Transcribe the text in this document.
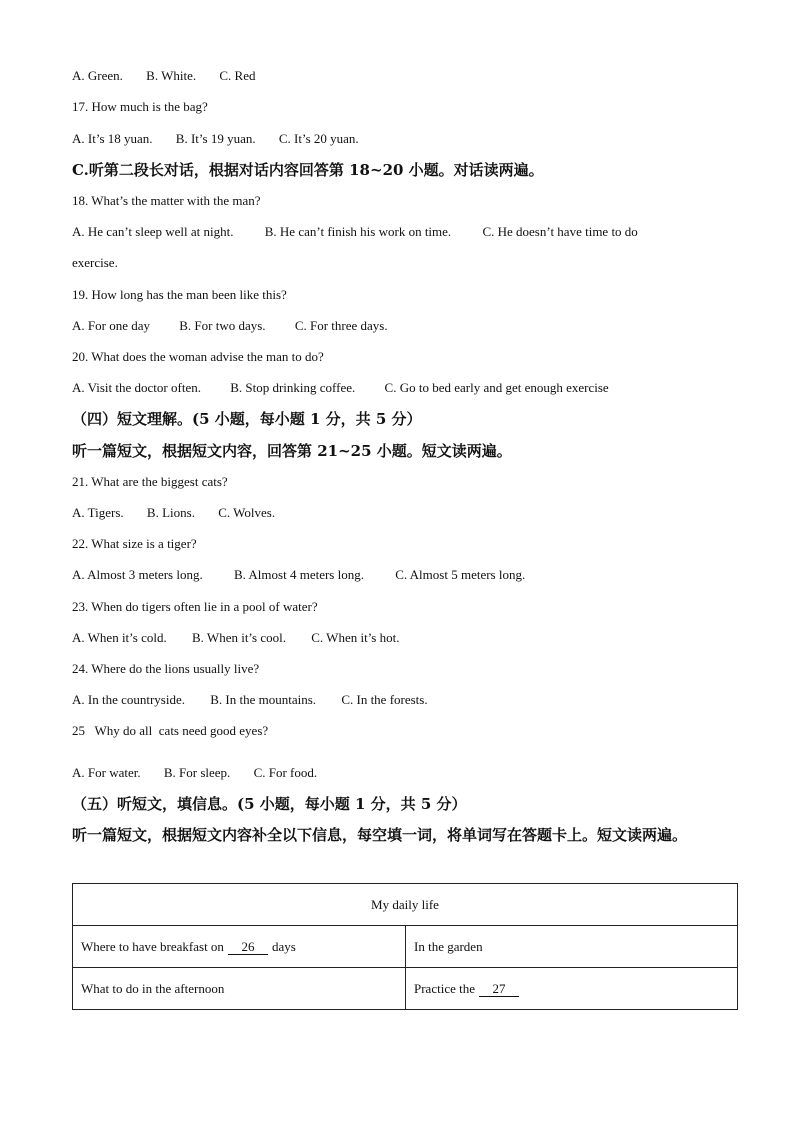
A. Green. B. White. C. Red
17. How much is the bag?
A. It’s 18 yuan. B. It’s 19 yuan. C. It’s 20 yuan.
C.听第二段长对话，根据对话内容回答第 18~20 小题。对话读两遍。
18. What’s the matter with the man?
A. He can’t sleep well at night. B. He can’t finish his work on time. C. He doesn’t have time to do
exercise.
19. How long has the man been like this?
A. For one day B. For two days. C. For three days.
20. What does the woman advise the man to do?
A. Visit the doctor often. B. Stop drinking coffee. C. Go to bed early and get enough exercise
（四）短文理解。(5 小题，每小题 1 分，共 5 分）
听一篇短文，根据短文内容，回答第 21~25 小题。短文读两遍。
21. What are the biggest cats?
A. Tigers. B. Lions. C. Wolves.
22. What size is a tiger?
A. Almost 3 meters long. B. Almost 4 meters long. C. Almost 5 meters long.
23. When do tigers often lie in a pool of water?
A. When it’s cold. B. When it’s cool. C. When it’s hot.
24. Where do the lions usually live?
A. In the countryside. B. In the mountains. C. In the forests.
25   Why do all  cats need good eyes?
A. For water. B. For sleep. C. For food.
（五）听短文，填信息。(5 小题，每小题 1 分，共 5 分）
听一篇短文，根据短文内容补全以下信息，每空填一词，将单词写在答题卡上。短文读两遍。
My daily life	
Where to have breakfast on 26 days	In the garden
What to do in the afternoon	Practice the 27
